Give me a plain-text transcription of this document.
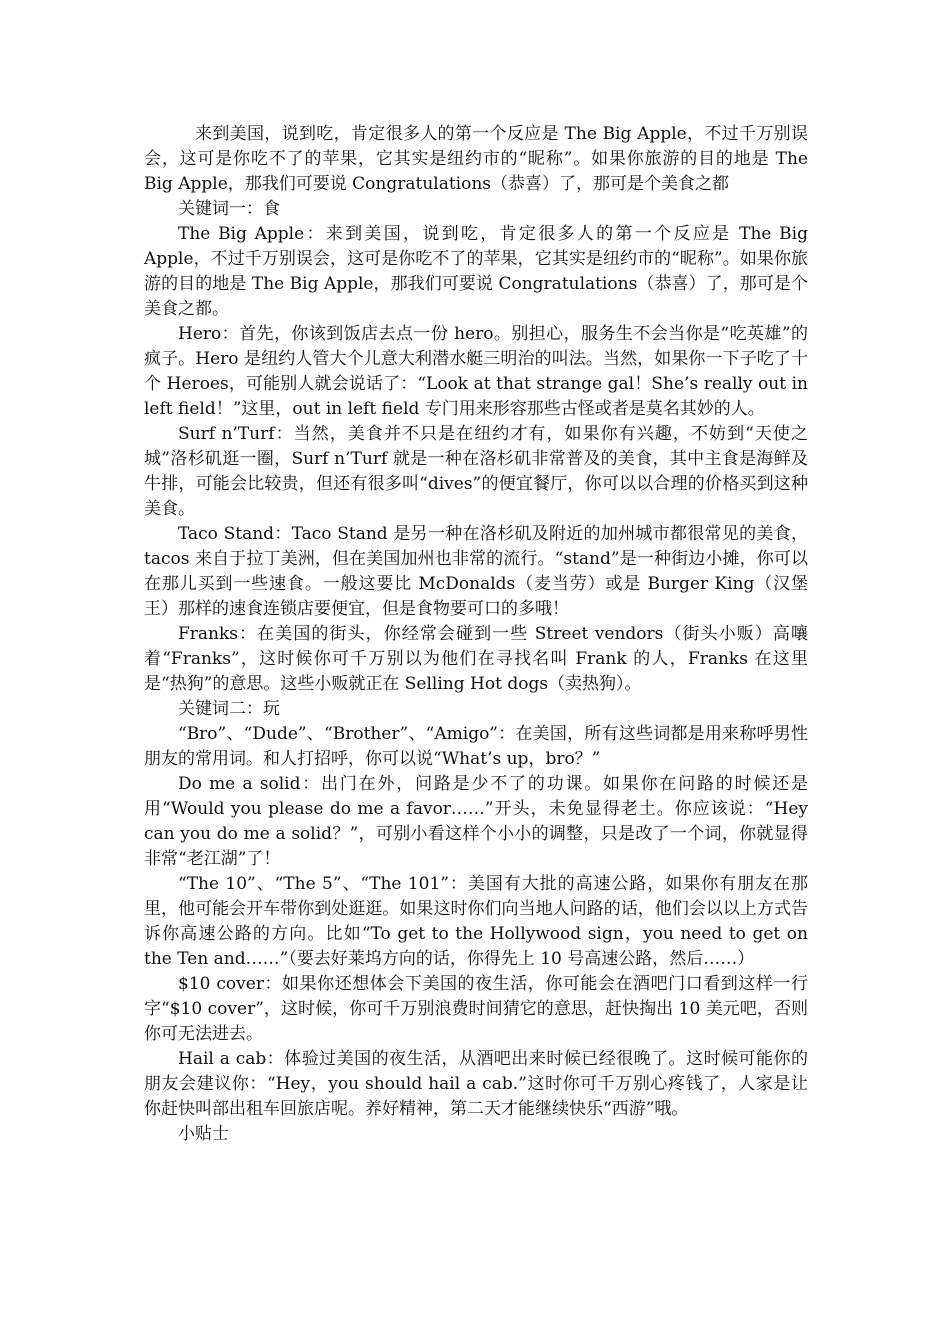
来到美国，说到吃，肯定很多人的第一个反应是 The Big Apple，不过千万别误会，这可是你吃不了的苹果，它其实是纽约市的“昵称”。如果你旅游的目的地是 The Big Apple，那我们可要说 Congratulations（恭喜）了，那可是个美食之都

关键词一：食

The Big Apple：来到美国，说到吃，肯定很多人的第一个反应是 The Big Apple，不过千万别误会，这可是你吃不了的苹果，它其实是纽约市的“昵称”。如果你旅游的目的地是 The Big Apple，那我们可要说 Congratulations（恭喜）了，那可是个美食之都。

Hero：首先，你该到饭店去点一份 hero。别担心，服务生不会当你是“吃英雄”的疯子。Hero 是纽约人管大个儿意大利潜水艇三明治的叫法。当然，如果你一下子吃了十个 Heroes，可能别人就会说话了：“Look at that strange gal！She’s really out in left field！”这里，out in left field 专门用来形容那些古怪或者是莫名其妙的人。

Surf n’Turf：当然，美食并不只是在纽约才有，如果你有兴趣，不妨到“天使之城”洛杉矶逛一圈，Surf n’Turf 就是一种在洛杉矶非常普及的美食，其中主食是海鲜及牛排，可能会比较贵，但还有很多叫“dives”的便宜餐厅，你可以以合理的价格买到这种美食。

Taco Stand：Taco Stand 是另一种在洛杉矶及附近的加州城市都很常见的美食，tacos 来自于拉丁美洲，但在美国加州也非常的流行。“stand”是一种街边小摊，你可以在那儿买到一些速食。一般这要比 McDonalds（麦当劳）或是 Burger King（汉堡王）那样的速食连锁店要便宜，但是食物要可口的多哦！

Franks：在美国的街头，你经常会碰到一些 Street vendors（街头小贩）高嚷着“Franks”，这时候你可千万别以为他们在寻找名叫 Frank 的人，Franks 在这里是“热狗”的意思。这些小贩就正在 Selling Hot dogs（卖热狗）。

关键词二：玩

“Bro”、“Dude”、“Brother”、“Amigo”：在美国，所有这些词都是用来称呼男性朋友的常用词。和人打招呼，你可以说“What’s up，bro？”

Do me a solid：出门在外，问路是少不了的功课。如果你在问路的时候还是用“Would you please do me a favor……”开头，未免显得老土。你应该说：“Hey can you do me a solid？”，可别小看这样个小小的调整，只是改了一个词，你就显得非常“老江湖”了！

“The 10”、“The 5”、“The 101”：美国有大批的高速公路，如果你有朋友在那里，他可能会开车带你到处逛逛。如果这时你们向当地人问路的话，他们会以以上方式告诉你高速公路的方向。比如“To get to the Hollywood sign，you need to get on the Ten and……”（要去好莱坞方向的话，你得先上 10 号高速公路，然后……）

$10 cover：如果你还想体会下美国的夜生活，你可能会在酒吧门口看到这样一行字“$10 cover”，这时候，你可千万别浪费时间猜它的意思，赶快掏出 10 美元吧，否则你可无法进去。

Hail a cab：体验过美国的夜生活，从酒吧出来时候已经很晚了。这时候可能你的朋友会建议你：“Hey，you should hail a cab.”这时你可千万别心疼钱了，人家是让你赶快叫部出租车回旅店呢。养好精神，第二天才能继续快乐“西游”哦。

小贴士
